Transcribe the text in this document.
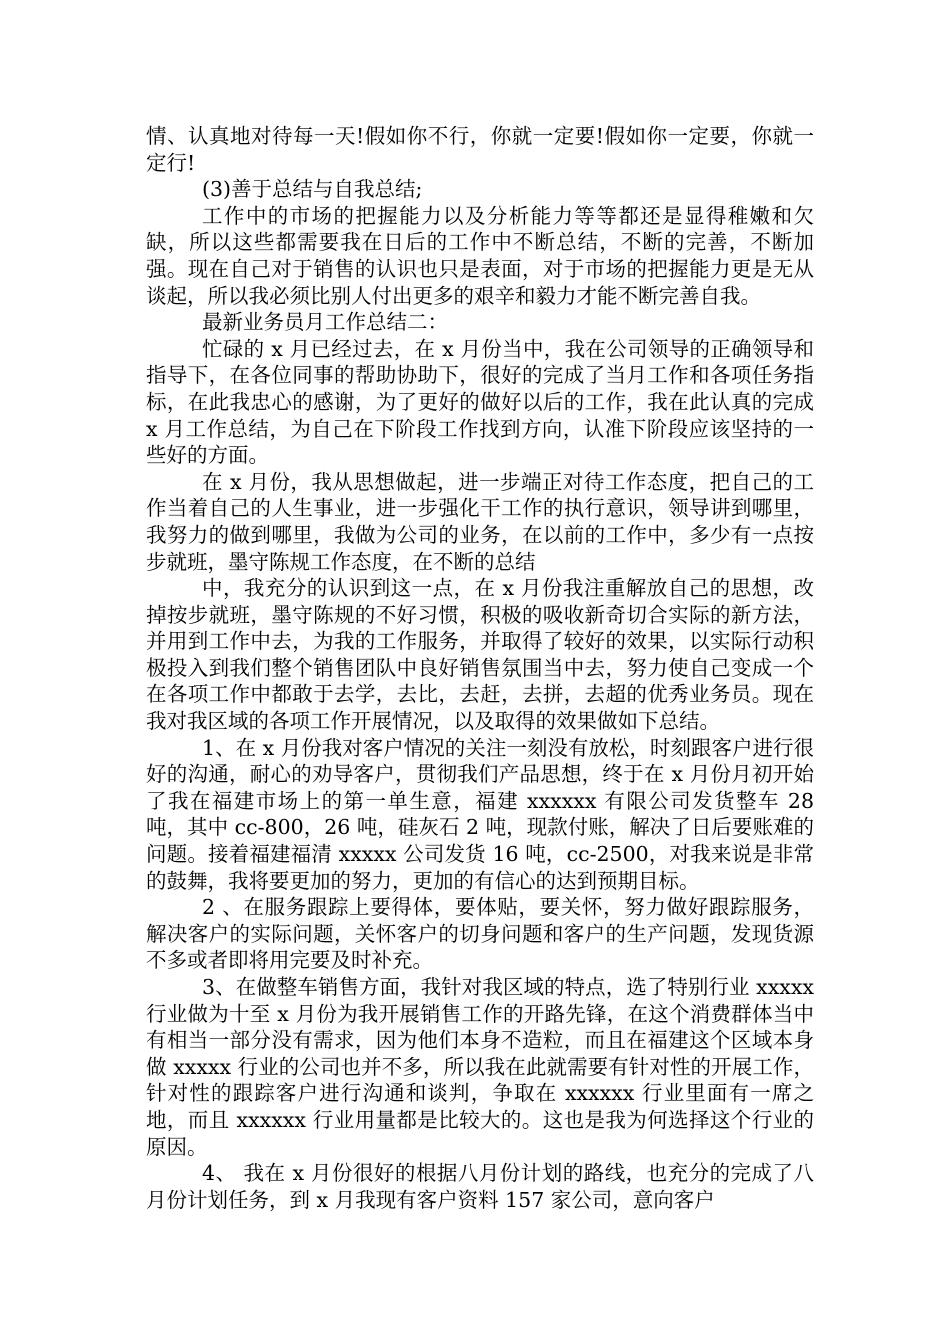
情、认真地对待每一天!假如你不行，你就一定要!假如你一定要，你就一定行!

(3)善于总结与自我总结;

工作中的市场的把握能力以及分析能力等等都还是显得稚嫩和欠缺，所以这些都需要我在日后的工作中不断总结，不断的完善，不断加强。现在自己对于销售的认识也只是表面，对于市场的把握能力更是无从谈起，所以我必须比别人付出更多的艰辛和毅力才能不断完善自我。

最新业务员月工作总结二：

忙碌的 x 月已经过去，在 x 月份当中，我在公司领导的正确领导和指导下，在各位同事的帮助协助下，很好的完成了当月工作和各项任务指标，在此我忠心的感谢，为了更好的做好以后的工作，我在此认真的完成 x 月工作总结，为自己在下阶段工作找到方向，认准下阶段应该坚持的一些好的方面。

在 x 月份，我从思想做起，进一步端正对待工作态度，把自己的工作当着自己的人生事业，进一步强化干工作的执行意识，领导讲到哪里，我努力的做到哪里，我做为公司的业务，在以前的工作中，多少有一点按步就班，墨守陈规工作态度，在不断的总结

中，我充分的认识到这一点，在 x 月份我注重解放自己的思想，改掉按步就班，墨守陈规的不好习惯，积极的吸收新奇切合实际的新方法，并用到工作中去，为我的工作服务，并取得了较好的效果，以实际行动积极投入到我们整个销售团队中良好销售氛围当中去，努力使自己变成一个在各项工作中都敢于去学，去比，去赶，去拼，去超的优秀业务员。现在我对我区域的各项工作开展情况，以及取得的效果做如下总结。

1、在 x 月份我对客户情况的关注一刻没有放松，时刻跟客户进行很好的沟通，耐心的劝导客户，贯彻我们产品思想，终于在 x 月份月初开始了我在福建市场上的第一单生意，福建 xxxxxx 有限公司发货整车 28 吨，其中 cc-800，26 吨，硅灰石 2 吨，现款付账，解决了日后要账难的问题。接着福建福清 xxxxx 公司发货 16 吨，cc-2500，对我来说是非常的鼓舞，我将要更加的努力，更加的有信心的达到预期目标。

2 、在服务跟踪上要得体，要体贴，要关怀，努力做好跟踪服务，解决客户的实际问题，关怀客户的切身问题和客户的生产问题，发现货源不多或者即将用完要及时补充。

3、在做整车销售方面，我针对我区域的特点，选了特别行业 xxxxx 行业做为十至 x 月份为我开展销售工作的开路先锋，在这个消费群体当中有相当一部分没有需求，因为他们本身不造粒，而且在福建这个区域本身做 xxxxx 行业的公司也并不多，所以我在此就需要有针对性的开展工作，针对性的跟踪客户进行沟通和谈判，争取在 xxxxxx 行业里面有一席之地，而且 xxxxxx 行业用量都是比较大的。这也是我为何选择这个行业的原因。

4、 我在 x 月份很好的根据八月份计划的路线，也充分的完成了八月份计划任务，到 x 月我现有客户资料 157 家公司，意向客户
